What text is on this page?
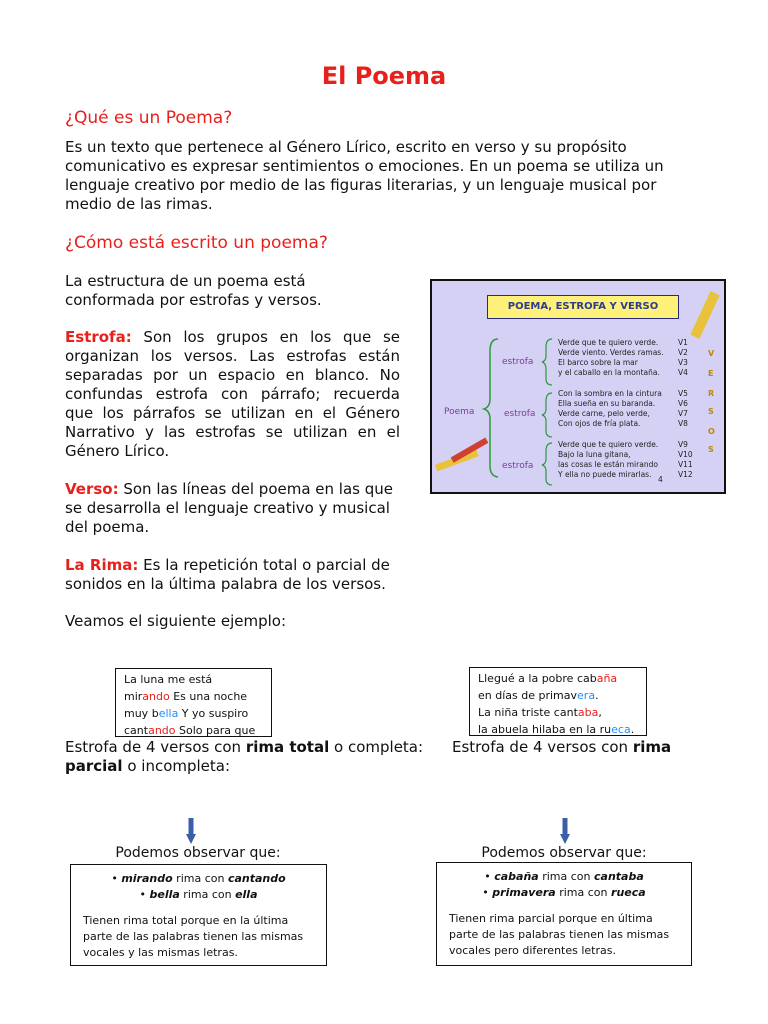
El Poema
¿Qué es un Poema?
Es un texto que pertenece al Género Lírico, escrito en verso y su propósito comunicativo es expresar sentimientos o emociones. En un poema se utiliza un lenguaje creativo por medio de las figuras literarias, y un lenguaje musical por medio de las rimas.
¿Cómo está escrito un poema?
La estructura de un poema está conformada por estrofas y versos.
Estrofa: Son los grupos en los que se organizan los versos. Las estrofas están separadas por un espacio en blanco. No confundas estrofa con párrafo; recuerda que los párrafos se utilizan en el Género Narrativo y las estrofas se utilizan en el Género Lírico.
Verso: Son las líneas del poema en las que se desarrolla el lenguaje creativo y musical del poema.
La Rima: Es la repetición total o parcial de sonidos en la última palabra de los versos.
Veamos el siguiente ejemplo:
POEMA, ESTROFA Y VERSO
Poema
estrofa
estrofa
estrofa
Verde que te quiero verde.	V1
Verde viento. Verdes ramas. V2
El barco sobre la mar	V3
y el caballo en la montaña. V4
Con la sombra en la cintura V5
Ella sueña en su baranda.	V6
Verde carne, pelo verde,	V7
Con ojos de fría plata.	V8
Verde que te quiero verde.	V9
Bajo la luna gitana,	V10
las cosas le están mirando	V11
Y ella no puede mirarlas.	V12
V
E
R
S
O
S
4
La luna me está
mirando Es una noche
muy bella Y yo suspiro
cantando Solo para que
Estrofa de 4 versos con rima total o completa:
parcial o incompleta:
Llegué a la pobre cabaña
en días de primavera.
La niña triste cantaba,
la abuela hilaba en la rueca.
Estrofa de 4 versos con rima
Podemos observar que:	Podemos observar que:
• mirando rima con cantando
• bella rima con ella
Tienen rima total porque en la última parte de las palabras tienen las mismas vocales y las mismas letras.
• cabaña rima con cantaba
• primavera rima con rueca
Tienen rima parcial porque en última parte de las palabras tienen las mismas vocales pero diferentes letras.
